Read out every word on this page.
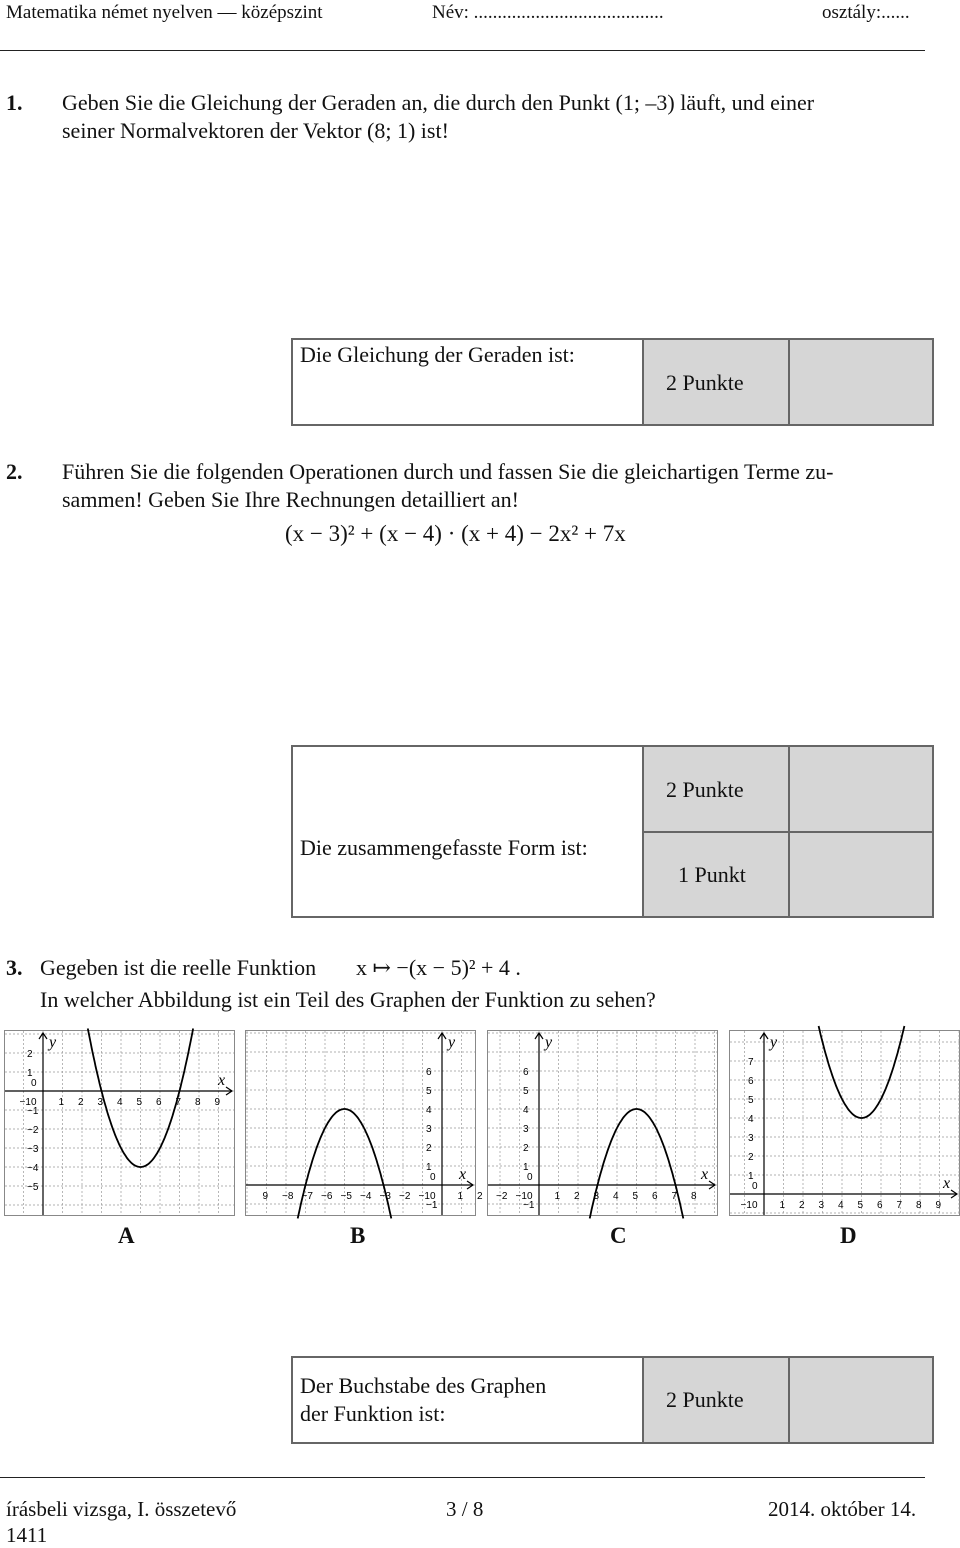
Matematika német nyelven — középszint	Név: ........................................	osztály:......
1. Geben Sie die Gleichung der Geraden an, die durch den Punkt (1; –3) läuft, und einer
seiner Normalvektoren der Vektor (8; 1) ist!
Die Gleichung der Geraden ist:
2 Punkte
2. Führen Sie die folgenden Operationen durch und fassen Sie die gleichartigen Terme zu-
sammen! Geben Sie Ihre Rechnungen detailliert an!
(x − 3)² + (x − 4) · (x + 4) − 2x² + 7x
Die zusammengefasste Form ist:
2 Punkte
1 Punkt
3. Gegeben ist die reelle Funktion x ↦ −(x − 5)² + 4 .
In welcher Abbildung ist ein Teil des Graphen der Funktion zu sehen?
x
y
−1 0 1 2 3 4 5 6 7 8 9
2
1
0
−1
−2
−3
−4
−5
x
y
9 −8 −7 −6 −5 −4 −3 −2 −1 0 1 2
6
5
4
3
2
1
0
−1
x
y
−2 −1 0 1 2 3 4 5 6 7 8
6
5
4
3
2
1
0
−1
x
y
−1 0 1 2 3 4 5 6 7 8 9
7
6
5
4
3
2
1
0
A	B	C	D
Der Buchstabe des Graphen
der Funktion ist:
2 Punkte
írásbeli vizsga, I. összetevő
1411
3 / 8	2014. október 14.
